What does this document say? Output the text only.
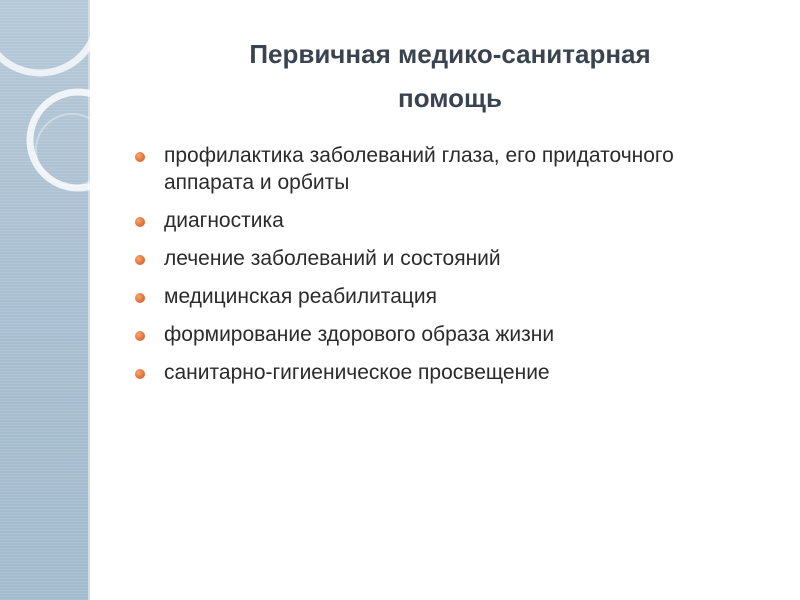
Первичная медико-санитарная
помощь
профилактика заболеваний глаза, его придаточного аппарата и орбиты
диагностика
лечение заболеваний и состояний
медицинская реабилитация
формирование здорового образа жизни
санитарно-гигиеническое просвещение
